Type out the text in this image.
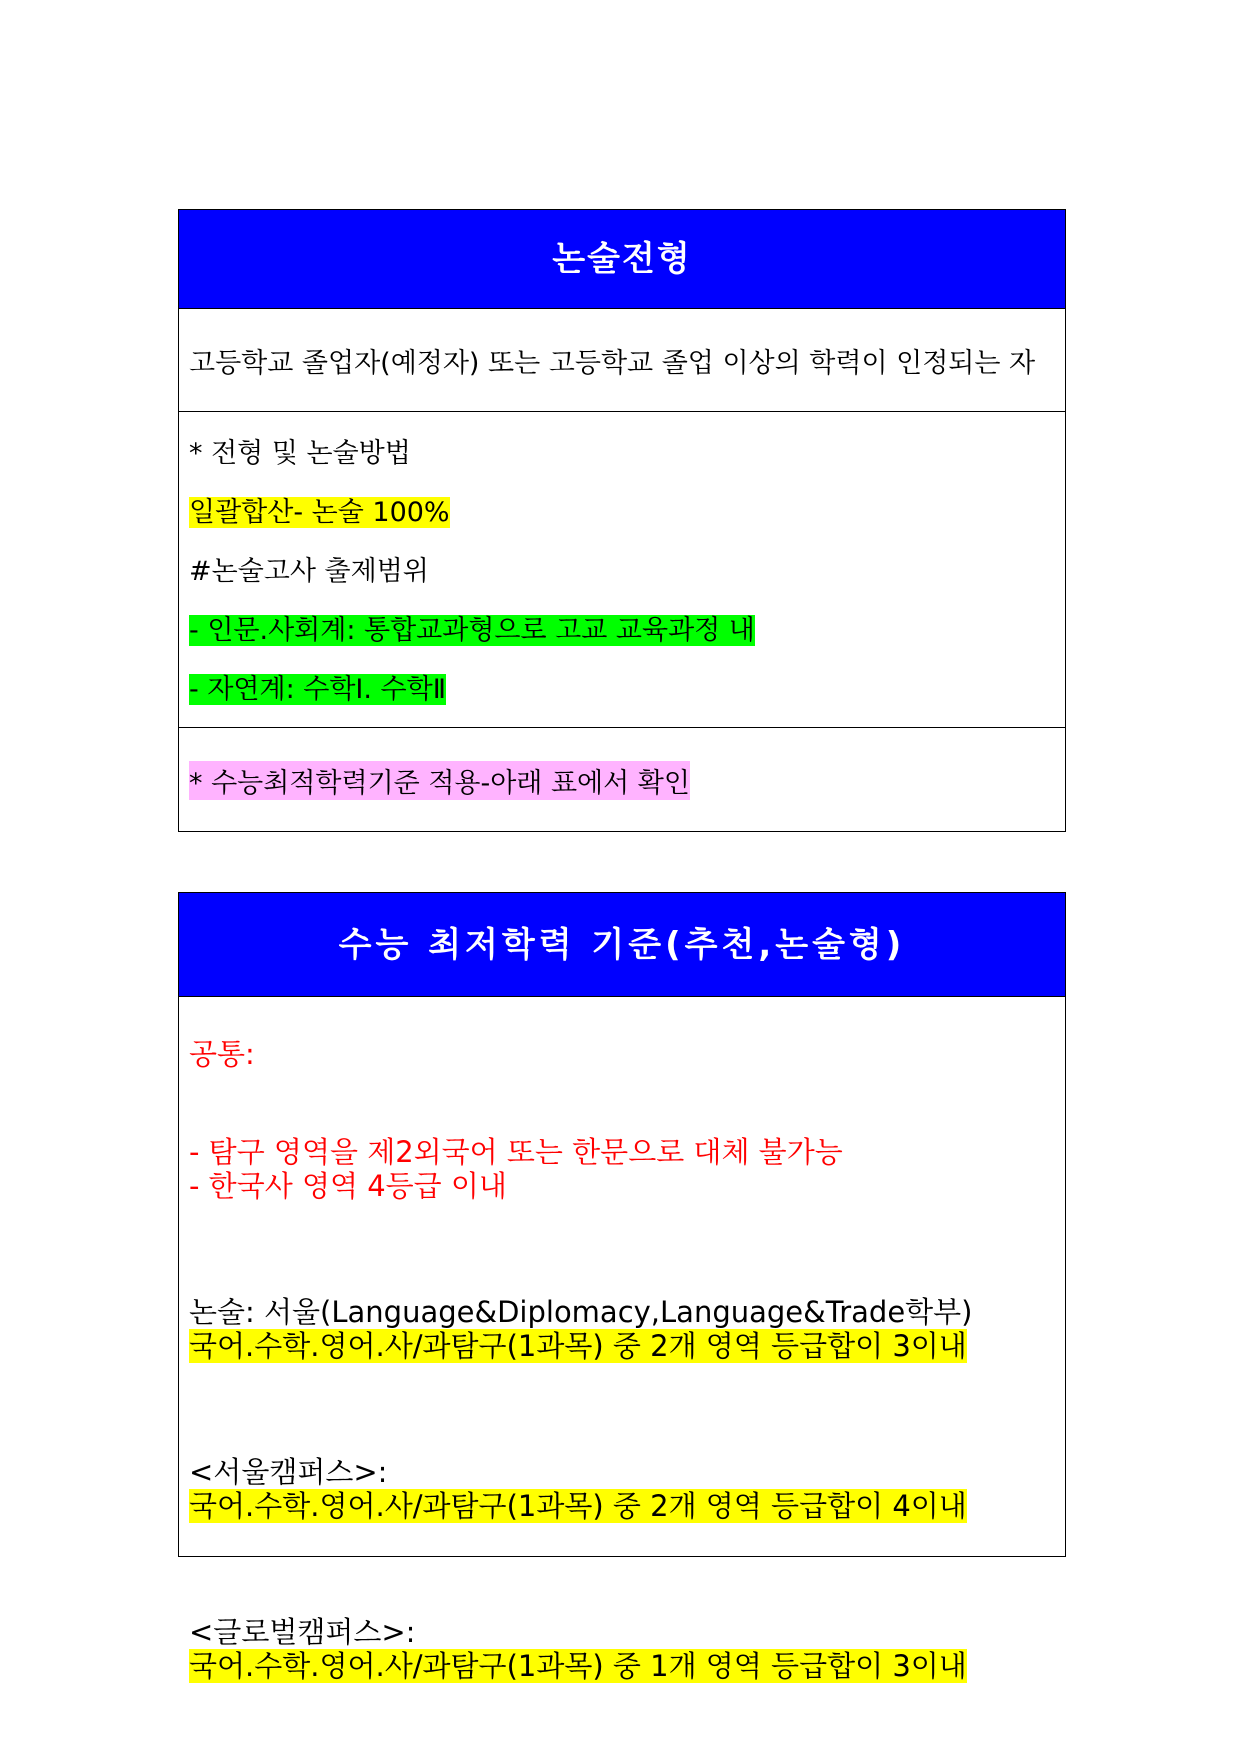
논술전형
고등학교 졸업자(예정자) 또는 고등학교 졸업 이상의 학력이 인정되는 자
* 전형 및 논술방법
일괄합산- 논술 100%
#논술고사 출제범위
- 인문.사회계: 통합교과형으로 고교 교육과정 내
- 자연계: 수학Ⅰ. 수학Ⅱ
* 수능최적학력기준 적용-아래 표에서 확인
수능 최저학력 기준(추천,논술형)
공통:
- 탐구 영역을 제2외국어 또는 한문으로 대체 불가능
- 한국사 영역 4등급 이내
논술: 서울(Language&Diplomacy,Language&Trade학부)
국어.수학.영어.사/과탐구(1과목) 중 2개 영역 등급합이 3이내
<서울캠퍼스>:
국어.수학.영어.사/과탐구(1과목) 중 2개 영역 등급합이 4이내
<글로벌캠퍼스>:
국어.수학.영어.사/과탐구(1과목) 중 1개 영역 등급합이 3이내
